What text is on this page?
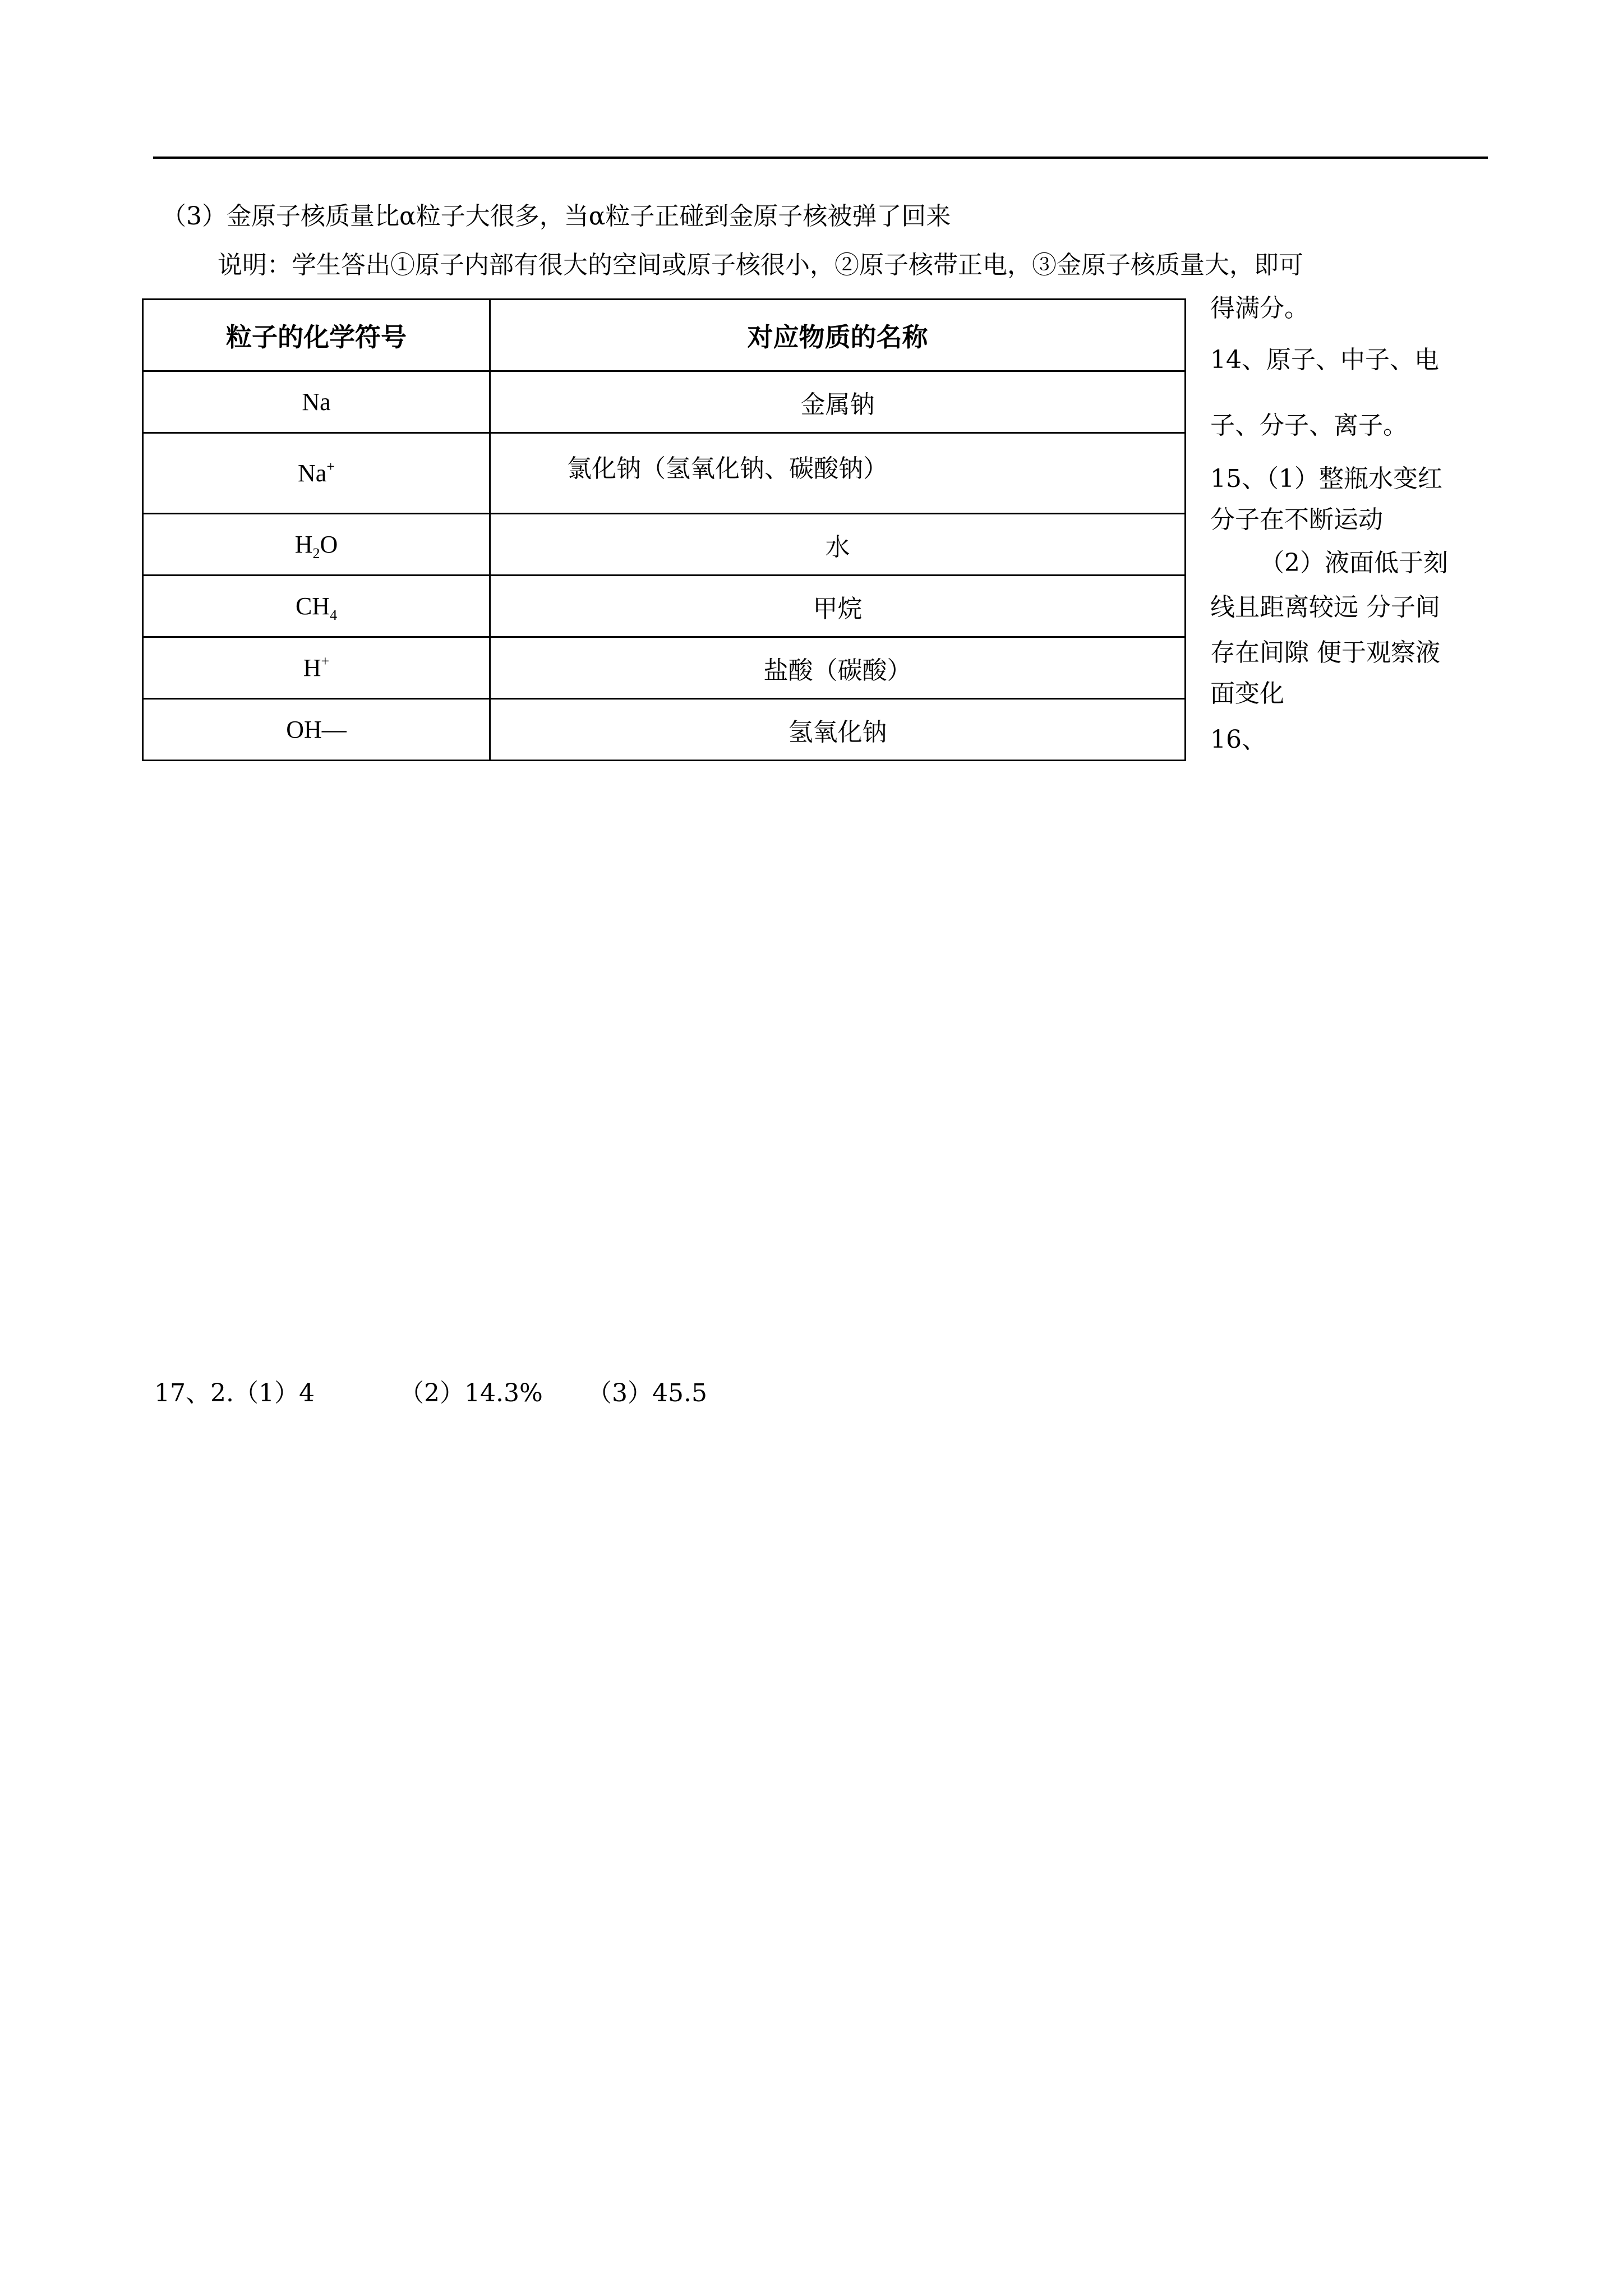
（3）金原子核质量比α粒子大很多，当α粒子正碰到金原子核被弹了回来
说明：学生答出①原子内部有很大的空间或原子核很小，②原子核带正电，③金原子核质量大，即可
粒子的化学符号	对应物质的名称
Na	金属钠
Na+	氯化钠（氢氧化钠、碳酸钠）
$H_2O$	水
$CH_4$	甲烷
H+	盐酸（碳酸）
OH—	氢氧化钠
得满分。
14、原子、中子、电
子、分子、离子。
15、（1）整瓶水变红
分子在不断运动
（2）液面低于刻
线且距离较远 分子间
存在间隙 便于观察液
面变化
16、
17、2.（1）4	（2）14.3% （3）45.5
